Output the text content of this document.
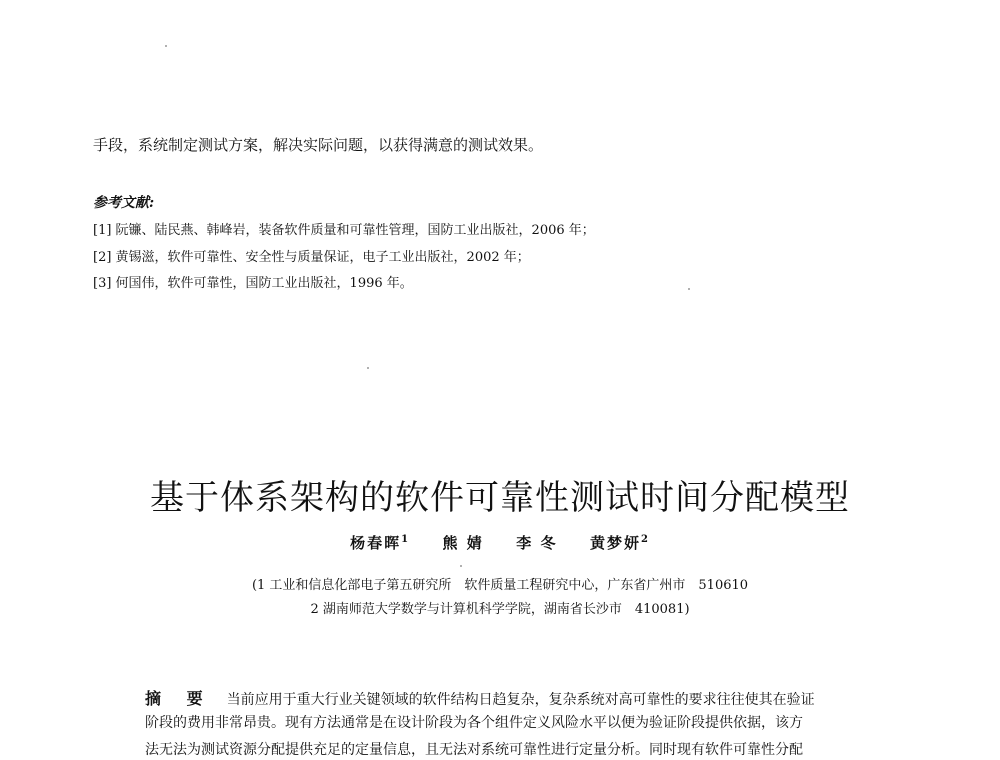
手段，系统制定测试方案，解决实际问题，以获得满意的测试效果。
参考文献:
[1] 阮镰、陆民燕、韩峰岩，装备软件质量和可靠性管理，国防工业出版社，2006 年；
[2] 黄锡滋，软件可靠性、安全性与质量保证，电子工业出版社，2002 年；
[3] 何国伟，软件可靠性，国防工业出版社，1996 年。
基于体系架构的软件可靠性测试时间分配模型
杨春晖$^1$ 熊 婧 李 冬 黄梦妍$^2$
(1 工业和信息化部电子第五研究所　软件质量工程研究中心，广东省广州市　510610
2 湖南师范大学数学与计算机科学学院，湖南省长沙市　410081)
摘 要 当前应用于重大行业关键领域的软件结构日趋复杂，复杂系统对高可靠性的要求往往使其在验证
阶段的费用非常昂贵。现有方法通常是在设计阶段为各个组件定义风险水平以便为验证阶段提供依据，该方
法无法为测试资源分配提供充足的定量信息，且无法对系统可靠性进行定量分析。同时现有软件可靠性分配
